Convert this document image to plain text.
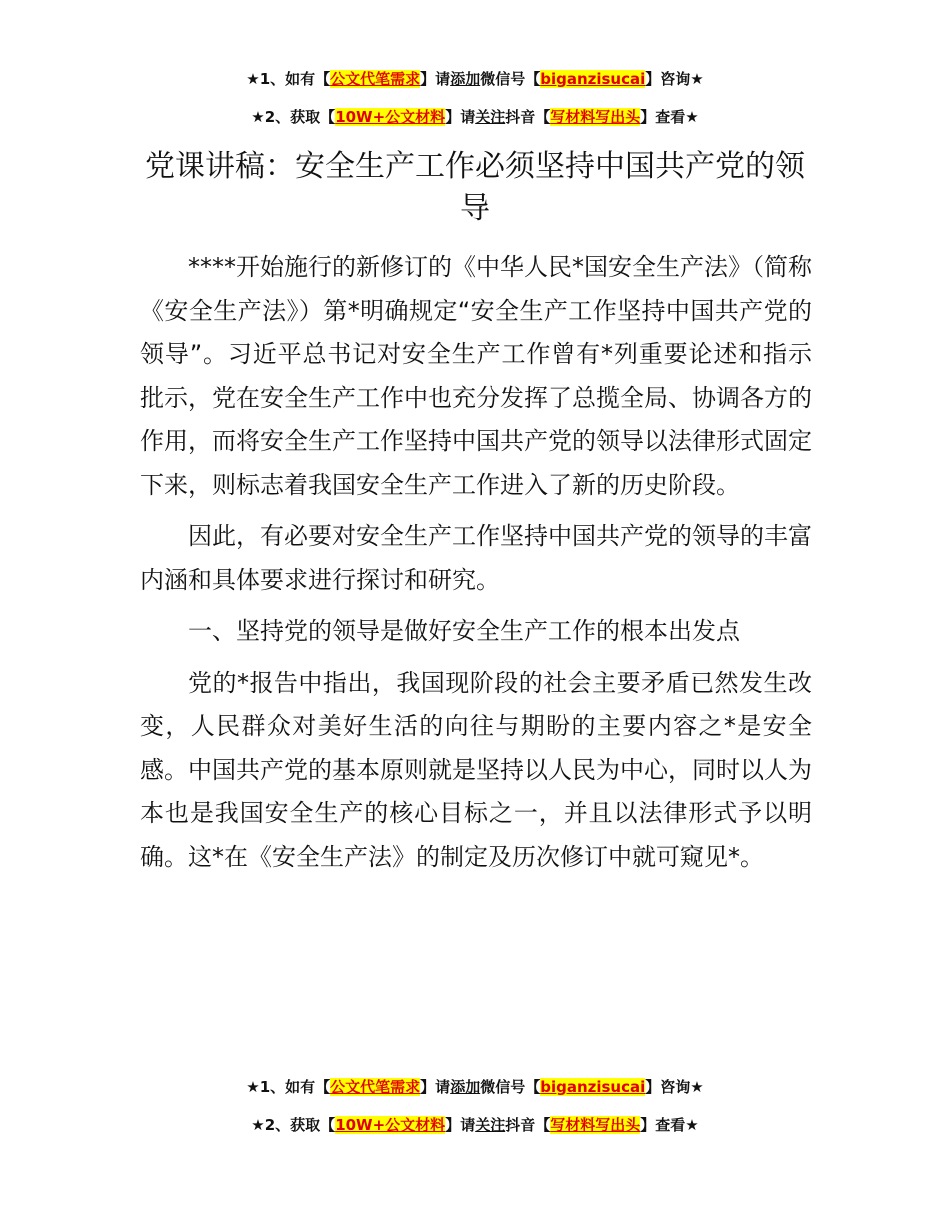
★1、如有【公文代笔需求】请添加微信号【biganzisucai】咨询★
★2、获取【10W+公文材料】请关注抖音【写材料写出头】查看★
党课讲稿：安全生产工作必须坚持中国共产党的领导

****开始施行的新修订的《中华人民*国安全生产法》（简称《安全生产法》）第*明确规定“安全生产工作坚持中国共产党的领导”。习近平总书记对安全生产工作曾有*列重要论述和指示批示，党在安全生产工作中也充分发挥了总揽全局、协调各方的作用，而将安全生产工作坚持中国共产党的领导以法律形式固定下来，则标志着我国安全生产工作进入了新的历史阶段。

因此，有必要对安全生产工作坚持中国共产党的领导的丰富内涵和具体要求进行探讨和研究。

一、坚持党的领导是做好安全生产工作的根本出发点

党的*报告中指出，我国现阶段的社会主要矛盾已然发生改变，人民群众对美好生活的向往与期盼的主要内容之*是安全感。中国共产党的基本原则就是坚持以人民为中心，同时以人为本也是我国安全生产的核心目标之一，并且以法律形式予以明确。这*在《安全生产法》的制定及历次修订中就可窥见*。

★1、如有【公文代笔需求】请添加微信号【biganzisucai】咨询★
★2、获取【10W+公文材料】请关注抖音【写材料写出头】查看★
